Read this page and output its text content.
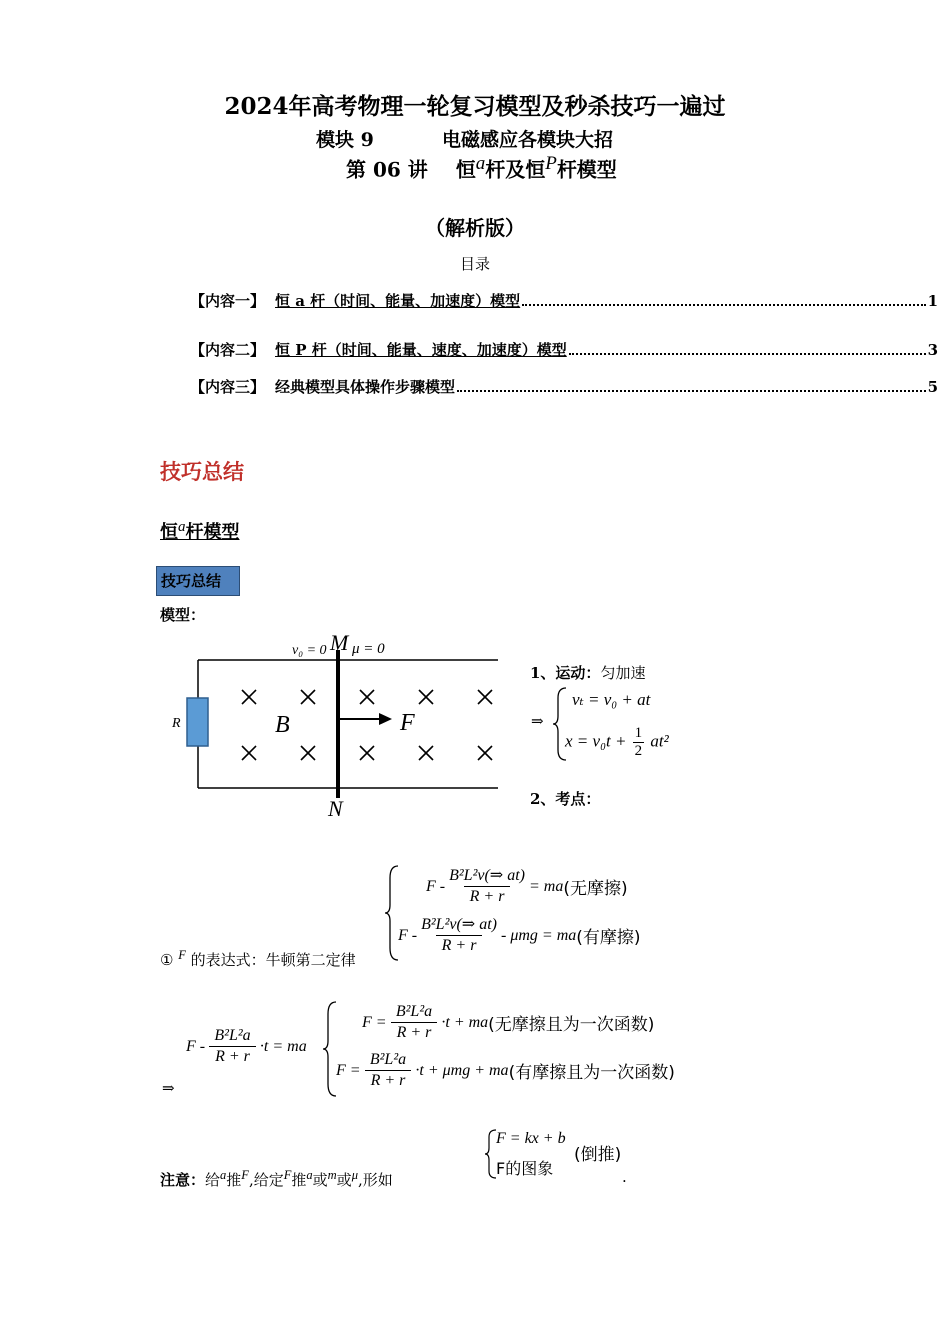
2024年高考物理一轮复习模型及秒杀技巧一遍过
模块 9	电磁感应各模块大招
第 06 讲 恒$^a$杆及恒$^P$杆模型
（解析版）
目录
【内容一】 恒 a 杆（时间、能量、加速度）模型	1
【内容二】 恒 P 杆（时间、能量、速度、加速度）模型	3
【内容三】 经典模型具体操作步骤模型	5
技巧总结
恒$^a$杆模型
技巧总结
模型：
v₀ = 0 M μ = 0
R	B	F
N
1、运动：匀加速
⇒
vₜ = v₀ + at
$x = v_0t + \frac{1}{2} at^2$
2、考点：
F - $\frac{\text{B²L²v(⇒ at)}}{R + r}$ = ma (无摩擦)
F -
B²L²v(⇒ at)
R + r
- μmg = ma (有摩擦)
① $^F$ 的表达式：牛顿第二定律
F -
B²L²a
R + r
·t = ma
$F = \frac{\text{B²L²a}}{R + r} \cdot t$ + ma (无摩擦且为一次函数)
$F = \frac{\text{B²L²a}}{R + r} \cdot t + \mu mg$ + ma (有摩擦且为一次函数)
⇒
F = kx + b
(倒推)
F的图象
注意：给$^a$推$^F$,给定$^F$推$^a$或$^m$或$^\mu$,形如	.
